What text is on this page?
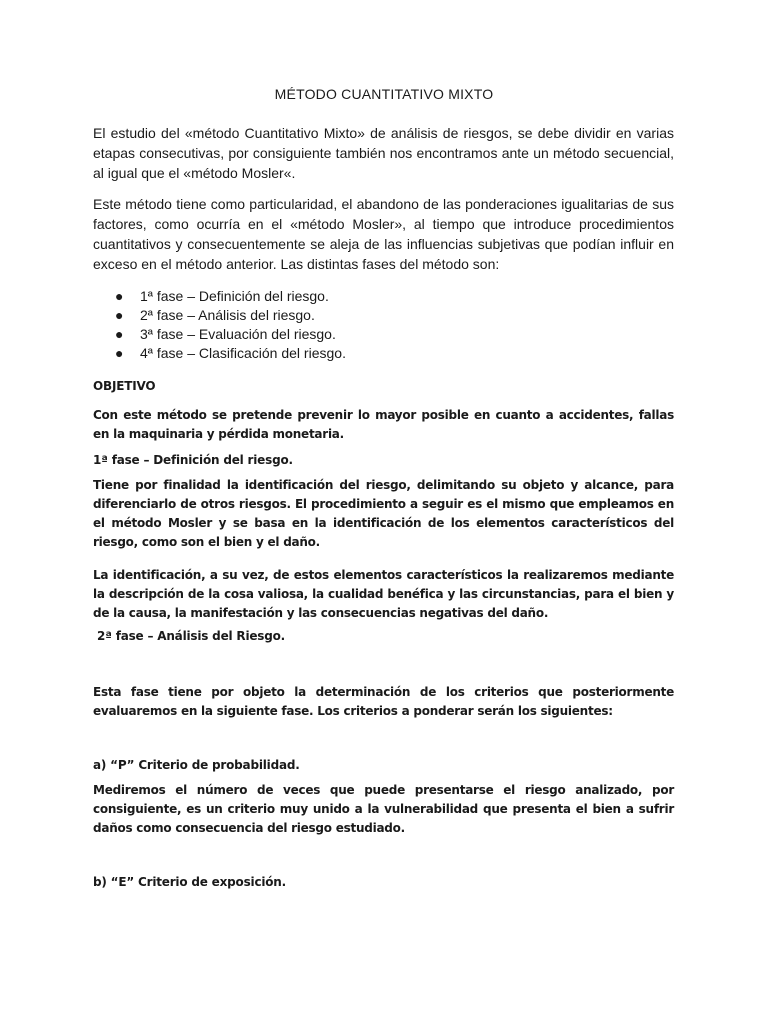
MÉTODO CUANTITATIVO MIXTO

El estudio del «método Cuantitativo Mixto» de análisis de riesgos, se debe dividir en varias etapas consecutivas, por consiguiente también nos encontramos ante un método secuencial, al igual que el «método Mosler«.

Este método tiene como particularidad, el abandono de las ponderaciones igualitarias de sus factores, como ocurría en el «método Mosler», al tiempo que introduce procedimientos cuantitativos y consecuentemente se aleja de las influencias subjetivas que podían influir en exceso en el método anterior. Las distintas fases del método son:

● 1ª fase – Definición del riesgo.
● 2ª fase – Análisis del riesgo.
● 3ª fase – Evaluación del riesgo.
● 4ª fase – Clasificación del riesgo.
OBJETIVO

Con este método se pretende prevenir lo mayor posible en cuanto a accidentes, fallas en la maquinaria y pérdida monetaria.

1ª fase – Definición del riesgo.

Tiene por finalidad la identificación del riesgo, delimitando su objeto y alcance, para diferenciarlo de otros riesgos. El procedimiento a seguir es el mismo que empleamos en el método Mosler y se basa en la identificación de los elementos característicos del riesgo, como son el bien y el daño.

La identificación, a su vez, de estos elementos característicos la realizaremos mediante la descripción de la cosa valiosa, la cualidad benéfica y las circunstancias, para el bien y de la causa, la manifestación y las consecuencias negativas del daño.

2ª fase – Análisis del Riesgo.

Esta fase tiene por objeto la determinación de los criterios que posteriormente evaluaremos en la siguiente fase. Los criterios a ponderar serán los siguientes:

a) “P” Criterio de probabilidad.

Mediremos el número de veces que puede presentarse el riesgo analizado, por consiguiente, es un criterio muy unido a la vulnerabilidad que presenta el bien a sufrir daños como consecuencia del riesgo estudiado.

b) “E” Criterio de exposición.
